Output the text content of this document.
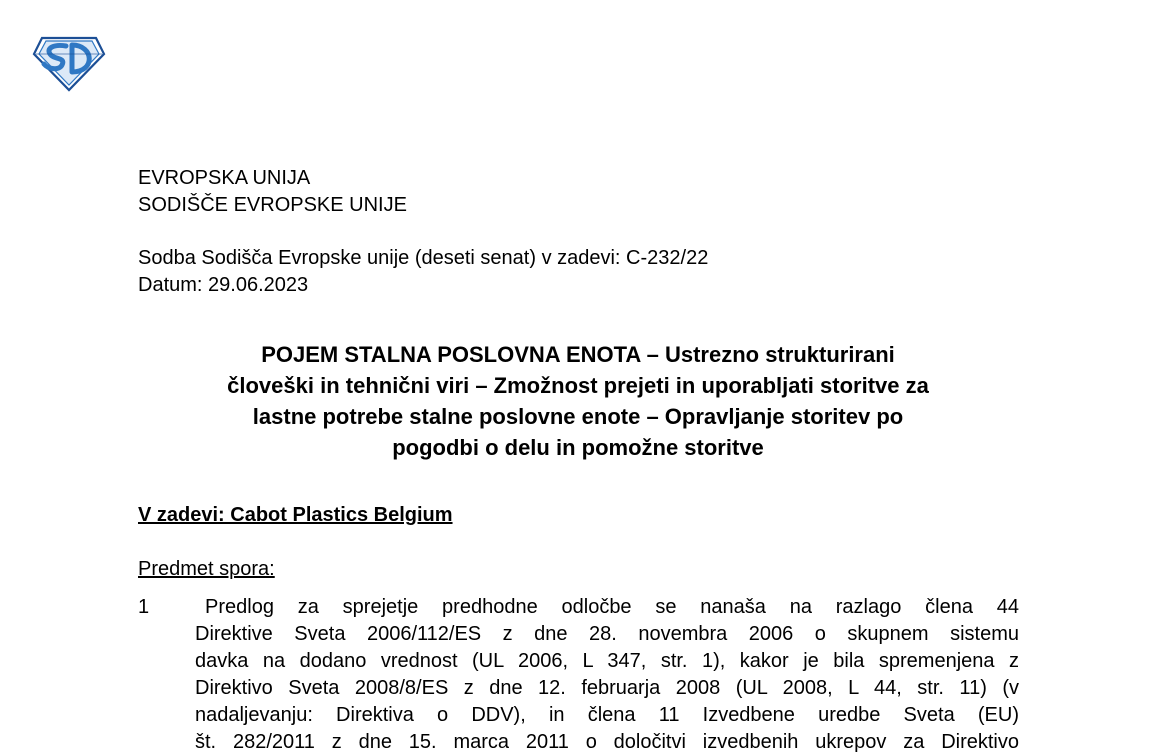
EVROPSKA UNIJA
SODIŠČE EVROPSKE UNIJE
Sodba Sodišča Evropske unije (deseti senat) v zadevi: C-232/22
Datum: 29.06.2023
POJEM STALNA POSLOVNA ENOTA – Ustrezno strukturirani
človeški in tehnični viri – Zmožnost prejeti in uporabljati storitve za
lastne potrebe stalne poslovne enote – Opravljanje storitev po
pogodbi o delu in pomožne storitve
V zadevi: Cabot Plastics Belgium
Predmet spora:
1	Predlog za sprejetje predhodne odločbe se nanaša na razlago člena 44
Direktive Sveta 2006/112/ES z dne 28. novembra 2006 o skupnem sistemu
davka na dodano vrednost (UL 2006, L 347, str. 1), kakor je bila spremenjena z
Direktivo Sveta 2008/8/ES z dne 12. februarja 2008 (UL 2008, L 44, str. 11) (v
nadaljevanju: Direktiva o DDV), in člena 11 Izvedbene uredbe Sveta (EU)
št. 282/2011 z dne 15. marca 2011 o določitvi izvedbenih ukrepov za Direktivo
